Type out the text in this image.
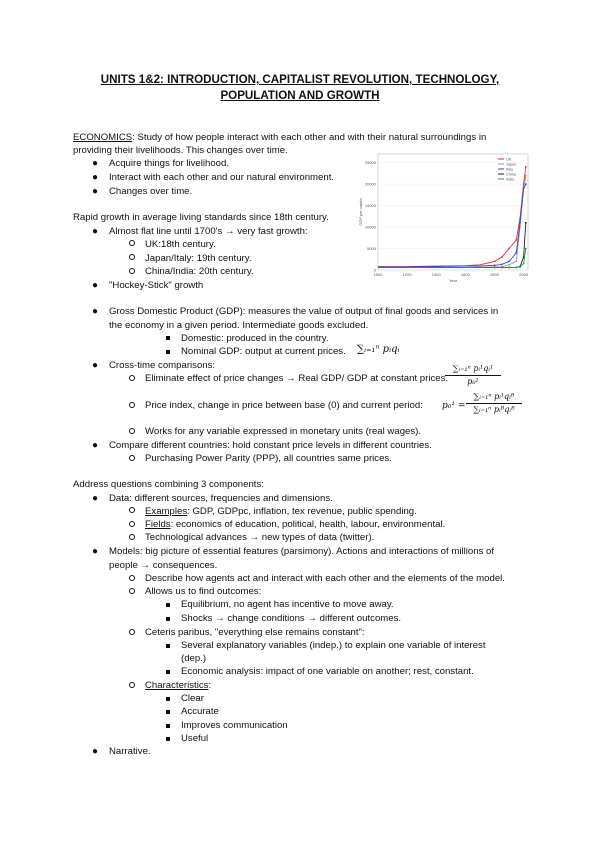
UNITS 1&2: INTRODUCTION, CAPITALIST REVOLUTION, TECHNOLOGY,
POPULATION AND GROWTH
ECONOMICS: Study of how people interact with each other and with their natural surroundings in
providing their livelihoods. This changes over time.
● Acquire things for livelihood.
● Interact with each other and our natural environment.
● Changes over time.
Rapid growth in average living standards since 18th century.
● Almost flat line until 1700's → very fast growth:
UK:18th century.
Japan/Italy: 19th century.
China/India: 20th century.
● "Hockey-Stick" growth
0
5000
10000
15000
20000
25000
1000	1200	1400	1600	1800	2000
Year
GDP per capita
UK
Japan
Italy
China
India
● Gross Domestic Product (GDP): measures the value of output of final goods and services in
the economy in a given period. Intermediate goods excluded.
Domestic: produced in the country.
Nominal GDP: output at current prices. ∑ᵢ₌₁ⁿ pᵢqᵢ
● Cross-time comparisons:
Eliminate effect of price changes → Real GDP/ GDP at constant prices.
∑ᵢ₌₁ⁿ pᵢ¹qᵢ¹
p₀¹
Price index, change in price between base (0) and current period: p₀¹ =
∑ᵢ₌₁ⁿ pᵢ¹qᵢᴮ
∑ᵢ₌₁ⁿ pᵢᴮqᵢᴮ
Works for any variable expressed in monetary units (real wages).
● Compare different countries: hold constant price levels in different countries.
Purchasing Power Parity (PPP), all countries same prices.
Address questions combining 3 components:
● Data: different sources, frequencies and dimensions.
Examples: GDP, GDPpc, inflation, tex revenue, public spending.
Fields: economics of education, political, health, labour, environmental.
Technological advances → new types of data (twitter).
● Models: big picture of essential features (parsimony). Actions and interactions of millions of
people → consequences.
Describe how agents act and interact with each other and the elements of the model.
Allows us to find outcomes:
Equilibrium, no agent has incentive to move away.
Shocks → change conditions → different outcomes.
Ceteris paribus, "everything else remains constant":
Several explanatory variables (indep.) to explain one variable of interest
(dep.)
Economic analysis: impact of one variable on another; rest, constant.
Characteristics:
Clear
Accurate
Improves communication
Useful
● Narrative.
